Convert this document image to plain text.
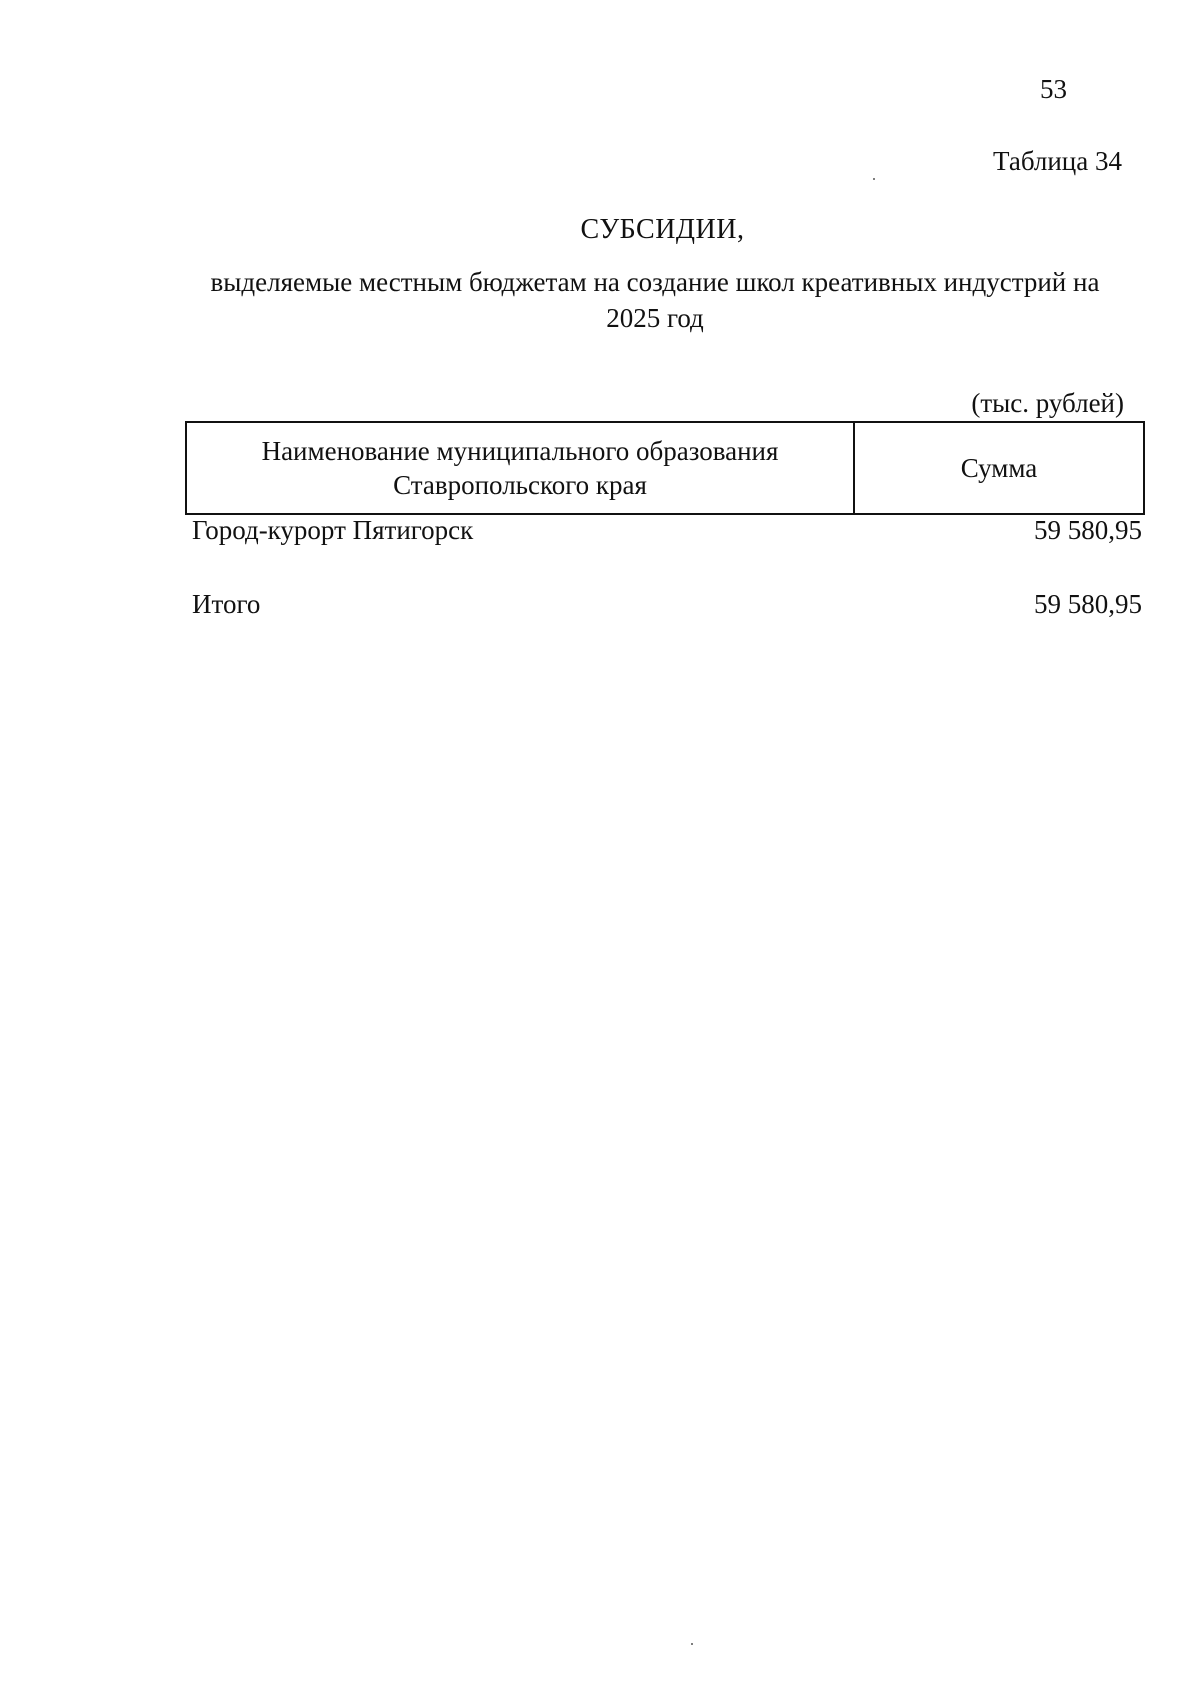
53
Таблица 34
СУБСИДИИ,
выделяемые местным бюджетам на создание школ креативных индустрий на 2025 год
(тыс. рублей)
Наименование муниципального образования Ставропольского края	Сумма
Город-курорт Пятигорск	59 580,95

Итого	59 580,95
